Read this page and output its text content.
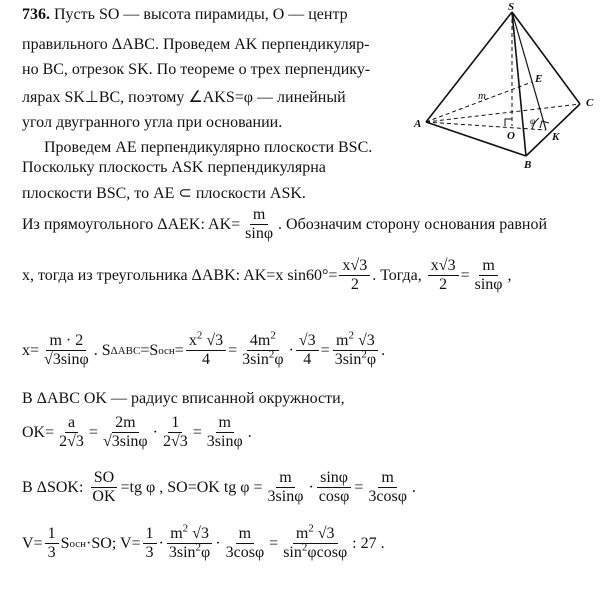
736. Пусть SO — высота пирамиды, O — центр
правильного ΔABC. Проведем AK перпендикуляр-
но BC, отрезок SK. По теореме о трех перпендику-
лярах SK⊥BC, поэтому ∠AKS=φ — линейный
угол двугранного угла при основании.
Проведем AE перпендикулярно плоскости BSC.
Поскольку плоскость ASK перпендикулярна
плоскости BSC, то AE ⊂ плоскости ASK.
S
A
B
C
E
O	K
m
φ
Из прямоугольного ΔAEK: $AK= \frac{m}{\sin\varphi}$ . Обозначим сторону основания равной
x, тогда из треугольника ΔABK: AK=x $\sin 60^\circ= \frac{x√3}{2}$ . Тогда, $\frac{x√3}{2} = \frac{m}{\sin\varphi}$ ,
$x= \frac{m \cdot 2}{√3\sin\varphi}$ . S ΔABC =S осн = $\frac{x^2 √3}{4} = \frac{4m^2}{3\sin^2\varphi} \cdot \frac{√3}{4} = \frac{m^2 √3}{3\sin^2\varphi}$ .
В ΔABC OK — радиус вписанной окружности,
$OK= \frac{a}{2√3} = \frac{2m}{√3\sin\varphi} \cdot \frac{1}{2√3} = \frac{m}{3\sin\varphi}$ .
В ΔSOK: $\frac{SO}{OK} =tg$ φ , SO=OK tg $\varphi = \frac{m}{3\sin\varphi} \cdot \frac{\sin\varphi}{\cos\varphi} = \frac{m}{3\cos\varphi}$ .
$V= \frac{1}{3}$ S осн ·SO; $V= \frac{1}{3} \cdot \frac{m^2 √3}{3\sin^2\varphi} \cdot \frac{m}{3\cos\varphi} = \frac{m^2 √3}{\sin^2\varphi\cos\varphi}$ : 27 .
